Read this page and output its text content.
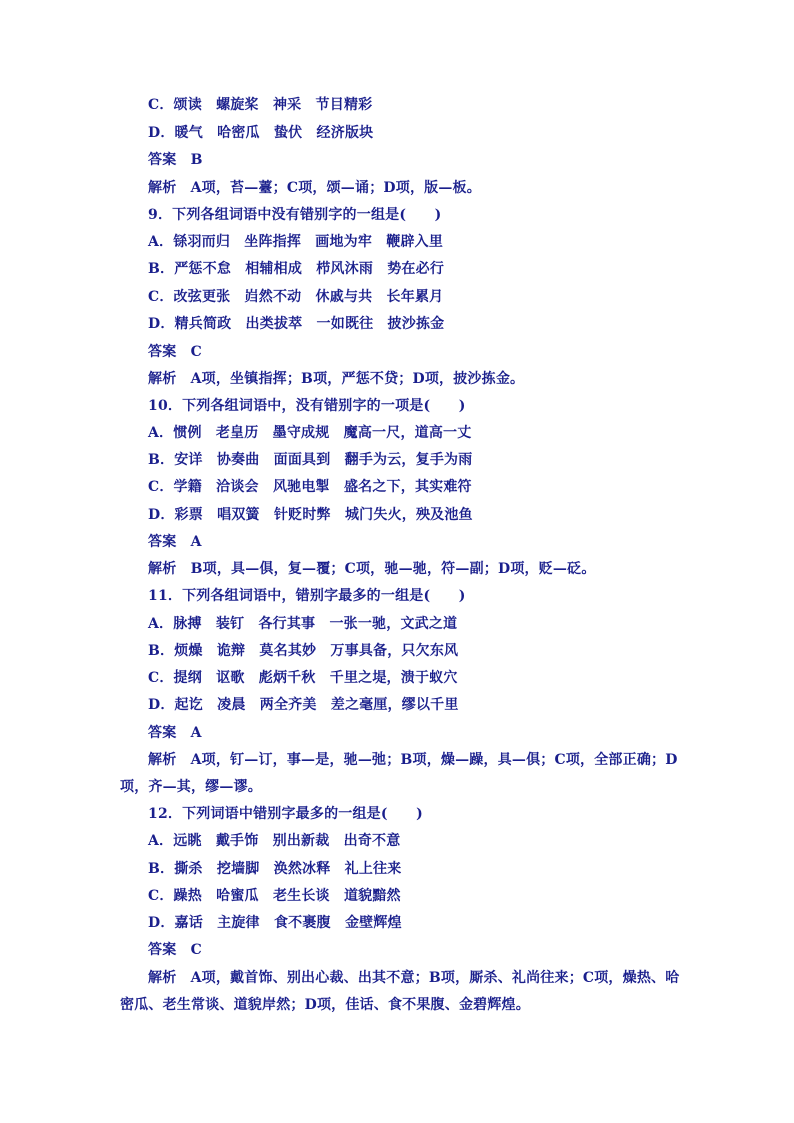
C．颂读　螺旋桨　神采　节目精彩
D．暖气　哈密瓜　蛰伏　经济版块
答案　B
解析　A项，苔—薹；C项，颂—诵；D项，版—板。
9．下列各组词语中没有错别字的一组是(　　)
A．铩羽而归　坐阵指挥　画地为牢　鞭辟入里
B．严惩不怠　相辅相成　栉风沐雨　势在必行
C．改弦更张　岿然不动　休戚与共　长年累月
D．精兵简政　出类拔萃　一如既往　披沙拣金
答案　C
解析　A项，坐镇指挥；B项，严惩不贷；D项，披沙拣金。
10．下列各组词语中，没有错别字的一项是(　　)
A．惯例　老皇历　墨守成规　魔高一尺，道高一丈
B．安详　协奏曲　面面具到　翻手为云，复手为雨
C．学籍　洽谈会　风驰电掣　盛名之下，其实难符
D．彩票　唱双簧　针贬时弊　城门失火，殃及池鱼
答案　A
解析　B项，具—俱，复—覆；C项，驰—驰，符—副；D项，贬—砭。
11．下列各组词语中，错别字最多的一组是(　　)
A．脉搏　装钉　各行其事　一张一驰，文武之道
B．烦燥　诡辩　莫名其妙　万事具备，只欠东风
C．提纲　讴歌　彪炳千秋　千里之堤，溃于蚁穴
D．起讫　凌晨　两全齐美　差之毫厘，缪以千里
答案　A
解析　A项，钉—订，事—是，驰—弛；B项，燥—躁，具—俱；C项，全部正确；D
项，齐—其，缪—谬。
12．下列词语中错别字最多的一组是(　　)
A．远眺　戴手饰　别出新裁　出奇不意
B．撕杀　挖墙脚　涣然冰释　礼上往来
C．躁热　哈蜜瓜　老生长谈　道貌黯然
D．嘉话　主旋律　食不裹腹　金壁辉煌
答案　C
解析　A项，戴首饰、别出心裁、出其不意；B项，厮杀、礼尚往来；C项，燥热、哈
密瓜、老生常谈、道貌岸然；D项，佳话、食不果腹、金碧辉煌。
